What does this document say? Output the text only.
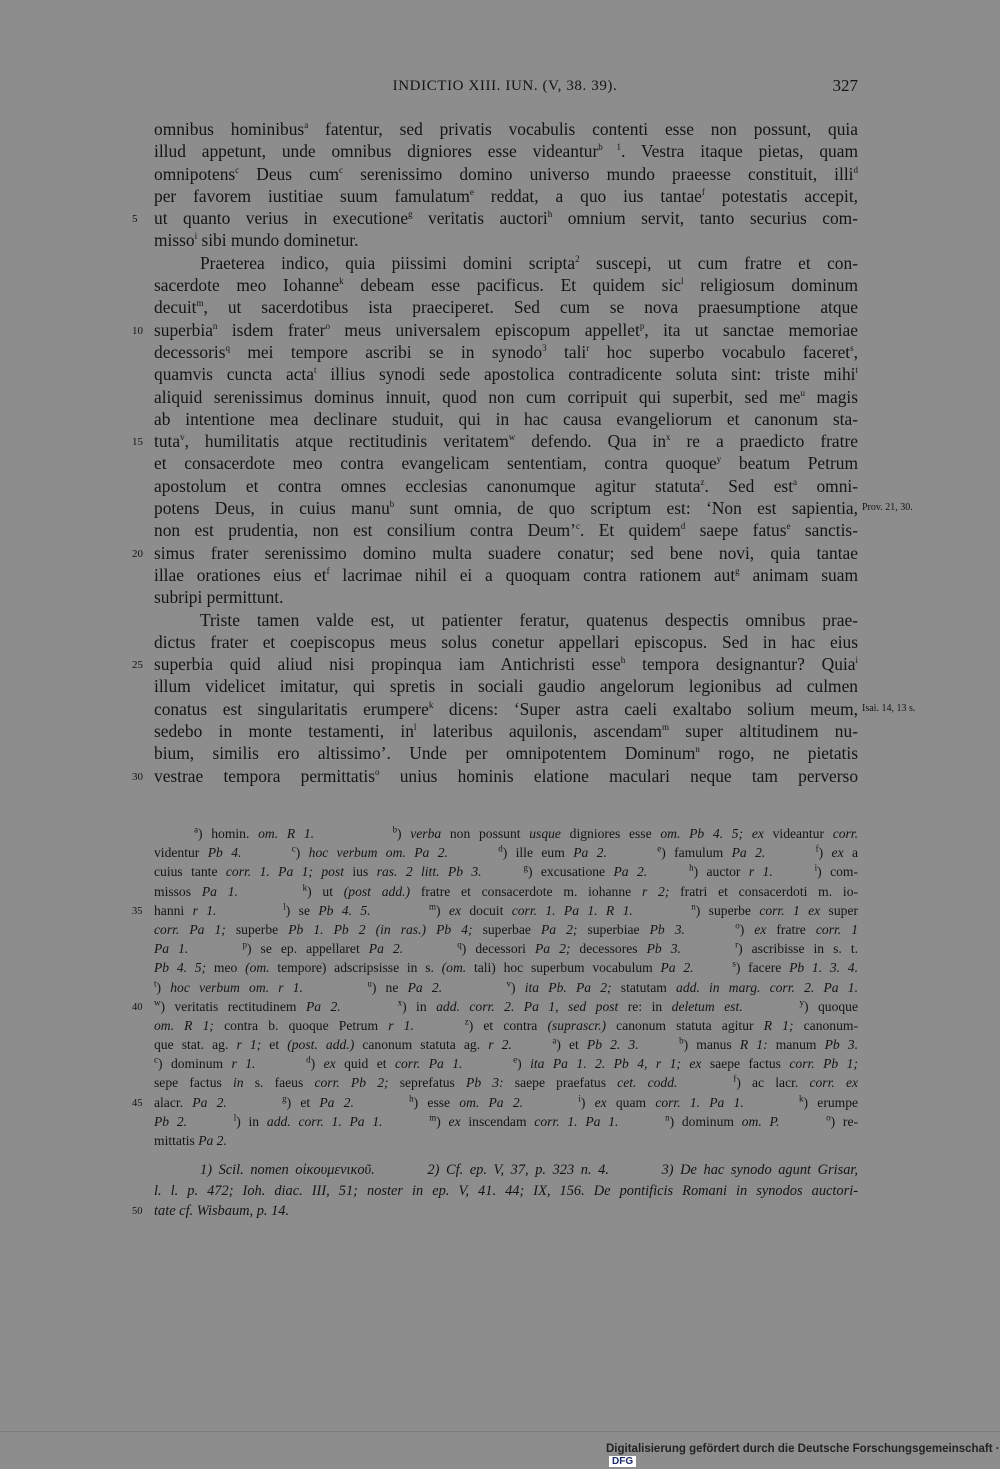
INDICTIO XIII. IUN. (V, 38. 39).	327
omnibus hominibus$^a$ fatentur, sed privatis vocabulis contenti esse non possunt, quia
illud appetunt, unde omnibus digniores esse videantur$^{b 1}$. Vestra itaque pietas, quam
omnipotens$^c$ Deus cum$^c$ serenissimo domino universo mundo praeesse constituit, illi$^d$
per favorem iustitiae suum famulatum$^e$ reddat, a quo ius tantae$^f$ potestatis accepit,
ut quanto verius in executione$^g$ veritatis auctori$^h$ omnium servit, tanto securius com-
5
misso$^i$ sibi mundo dominetur.
Praeterea indico, quia piissimi domini scripta$^2$ suscepi, ut cum fratre et con-
sacerdote meo Iohanne$^k$ debeam esse pacificus. Et quidem sic$^l$ religiosum dominum
decuit$^m$, ut sacerdotibus ista praeciperet. Sed cum se nova praesumptione atque
superbia$^n$ isdem frater$^o$ meus universalem episcopum appellet$^p$, ita ut sanctae memoriae
10
decessoris$^q$ mei tempore ascribi se in synodo$^3$ tali$^r$ hoc superbo vocabulo faceret$^s$,
quamvis cuncta acta$^t$ illius synodi sede apostolica contradicente soluta sint: triste mihi$^t$
aliquid serenissimus dominus innuit, quod non cum corripuit qui superbit, sed $me^u$ magis
ab intentione mea declinare studuit, qui in hac causa evangeliorum et canonum sta-
tuta$^v$, humilitatis atque rectitudinis veritatem$^w$ defendo. Qua $in^x$ re a praedicto fratre
15
et consacerdote meo contra evangelicam sententiam, contra quoque$^y$ beatum Petrum
apostolum et contra omnes ecclesias canonumque agitur statuta$^z$. Sed est$^a$ omni-
potens Deus, in cuius manu$^b$ sunt omnia, de quo scriptum est: ‘Non est sapientia, Prov. 21, 30.
non est prudentia, non est consilium contra Deum’$^c$. Et quidem$^d$ saepe fatus$^e$ sanctis-
simus frater serenissimo domino multa suadere conatur; sed bene novi, quia tantae
20
illae orationes eius $et^f$ lacrimae nihil ei a quoquam contra rationem aut$^g$ animam suam
subripi permittunt.
Triste tamen valde est, ut patienter feratur, quatenus despectis omnibus prae-
dictus frater et coepiscopus meus solus conetur appellari episcopus. Sed in hac eius
superbia quid aliud nisi propinqua iam Antichristi esse$^h$ tempora designantur? Quia$^i$
25
illum videlicet imitatur, qui spretis in sociali gaudio angelorum legionibus ad culmen
conatus est singularitatis erumpere$^k$ dicens: ‘Super astra caeli exaltabo solium meum, Isai. 14, 13 s.
sedebo in monte testamenti, $in^l$ lateribus aquilonis, ascendam$^m$ super altitudinem nu-
bium, similis ero altissimo’. Unde per omnipotentem Dominum$^n$ rogo, ne pietatis
vestrae tempora permittatis$^o$ unius hominis elatione maculari neque tam perverso
30
$^a$) homin. om. R 1.	$^b$) verba non possunt usque digniores esse om. Pb 4. 5; ex videantur corr.
videntur Pb 4.	$^c$) hoc verbum om. Pa 2.	$^d$) ille eum Pa 2.	$^e$) famulum Pa 2.	$^f$) ex a
cuius tante corr. 1. Pa 1; post ius ras. 2 litt. Pb 3.	$^g$) excusatione Pa 2.	$^h$) auctor r 1.	$^i$) com-
missos Pa 1.	$^k$) ut (post add.) fratre et consacerdote m. iohanne r 2; fratri et consacerdoti m. io-
hanni r 1.	$^l$) se Pb 4. 5.	$^m$) ex docuit corr. 1. Pa 1. R 1.	$^n$) superbe corr. 1 ex super
35
corr. Pa 1; superbe Pb 1. Pb 2 (in ras.) Pb 4; superbae Pa 2; superbiae Pb 3.	$^o$) ex fratre corr. 1
Pa 1.	$^p$) se ep. appellaret Pa 2.	$^q$) decessori Pa 2; decessores Pb 3.	$^r$) ascribisse in s. t.
Pb 4. 5; meo (om. tempore) adscripsisse in s. (om. tali) hoc superbum vocabulum Pa 2.	$^s$) facere Pb 1. 3. 4.
$^t$) hoc verbum om. r 1.	$^u$) ne Pa 2.	$^v$) ita Pb. Pa 2; statutam add. in marg. corr. 2. Pa 1.
$^w$) veritatis rectitudinem Pa 2.	$^x$) in add. corr. 2. Pa 1, sed post re: in deletum est.	$^y$) quoque
40
om. R 1; contra b. quoque Petrum r 1.	$^z$) et contra (suprascr.) canonum statuta agitur R 1; canonum-
que stat. ag. r 1; et (post. add.) canonum statuta ag. r 2.	$^a$) et Pb 2. 3.	$^b$) manus R 1: manum Pb 3.
$^c$) dominum r 1.	$^d$) ex quid et corr. Pa 1.	$^e$) ita Pa 1. 2. Pb 4, r 1; ex saepe factus corr. Pb 1;
sepe factus in s. faeus corr. Pb 2; seprefatus Pb 3: saepe praefatus cet. codd.	$^f$) ac lacr. corr. ex
alacr. Pa 2.	$^g$) et Pa 2.	$^h$) esse om. Pa 2.	$^i$) ex quam corr. 1. Pa 1.	$^k$) erumpe
45
Pb 2.	$^l$) in add. corr. 1. Pa 1.	$^m$) ex inscendam corr. 1. Pa 1.	$^n$) dominum om. P.	$^o$) re-
mittatis Pa 2.
1) Scil. nomen οἰκουμενικοῦ.        2) Cf. ep. V, 37, p. 323 n. 4.        3) De hac synodo agunt Grisar,
l. l. p. 472; Ioh. diac. III, 51; noster in ep. V, 41. 44; IX, 156. De pontificis Romani in synodos auctori-
tate cf. Wisbaum, p. 14.
50
Digitalisierung gefördert durch die Deutsche Forschungsgemeinschaft ·DFG
